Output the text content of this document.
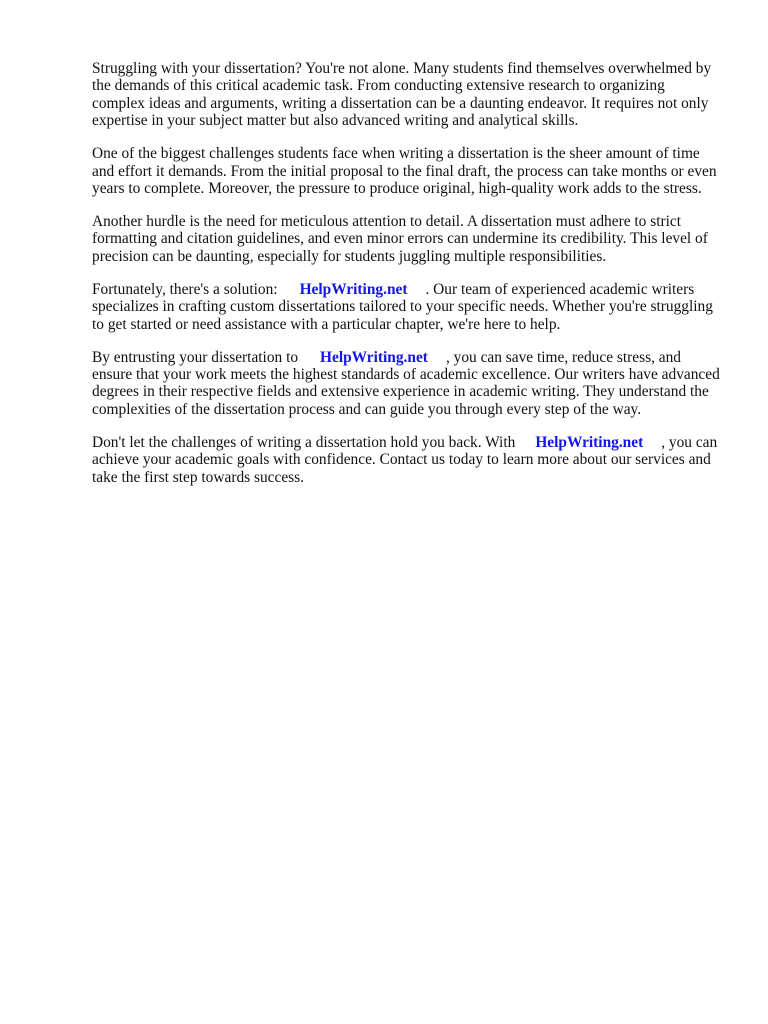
Struggling with your dissertation? You're not alone. Many students find themselves overwhelmed by the demands of this critical academic task. From conducting extensive research to organizing complex ideas and arguments, writing a dissertation can be a daunting endeavor. It requires not only expertise in your subject matter but also advanced writing and analytical skills.

One of the biggest challenges students face when writing a dissertation is the sheer amount of time and effort it demands. From the initial proposal to the final draft, the process can take months or even years to complete. Moreover, the pressure to produce original, high-quality work adds to the stress.

Another hurdle is the need for meticulous attention to detail. A dissertation must adhere to strict formatting and citation guidelines, and even minor errors can undermine its credibility. This level of precision can be daunting, especially for students juggling multiple responsibilities.

Fortunately, there's a solution: HelpWriting.net . Our team of experienced academic writers specializes in crafting custom dissertations tailored to your specific needs. Whether you're struggling to get started or need assistance with a particular chapter, we're here to help.

By entrusting your dissertation to HelpWriting.net , you can save time, reduce stress, and ensure that your work meets the highest standards of academic excellence. Our writers have advanced degrees in their respective fields and extensive experience in academic writing. They understand the complexities of the dissertation process and can guide you through every step of the way.

Don't let the challenges of writing a dissertation hold you back. With HelpWriting.net , you can achieve your academic goals with confidence. Contact us today to learn more about our services and take the first step towards success.
